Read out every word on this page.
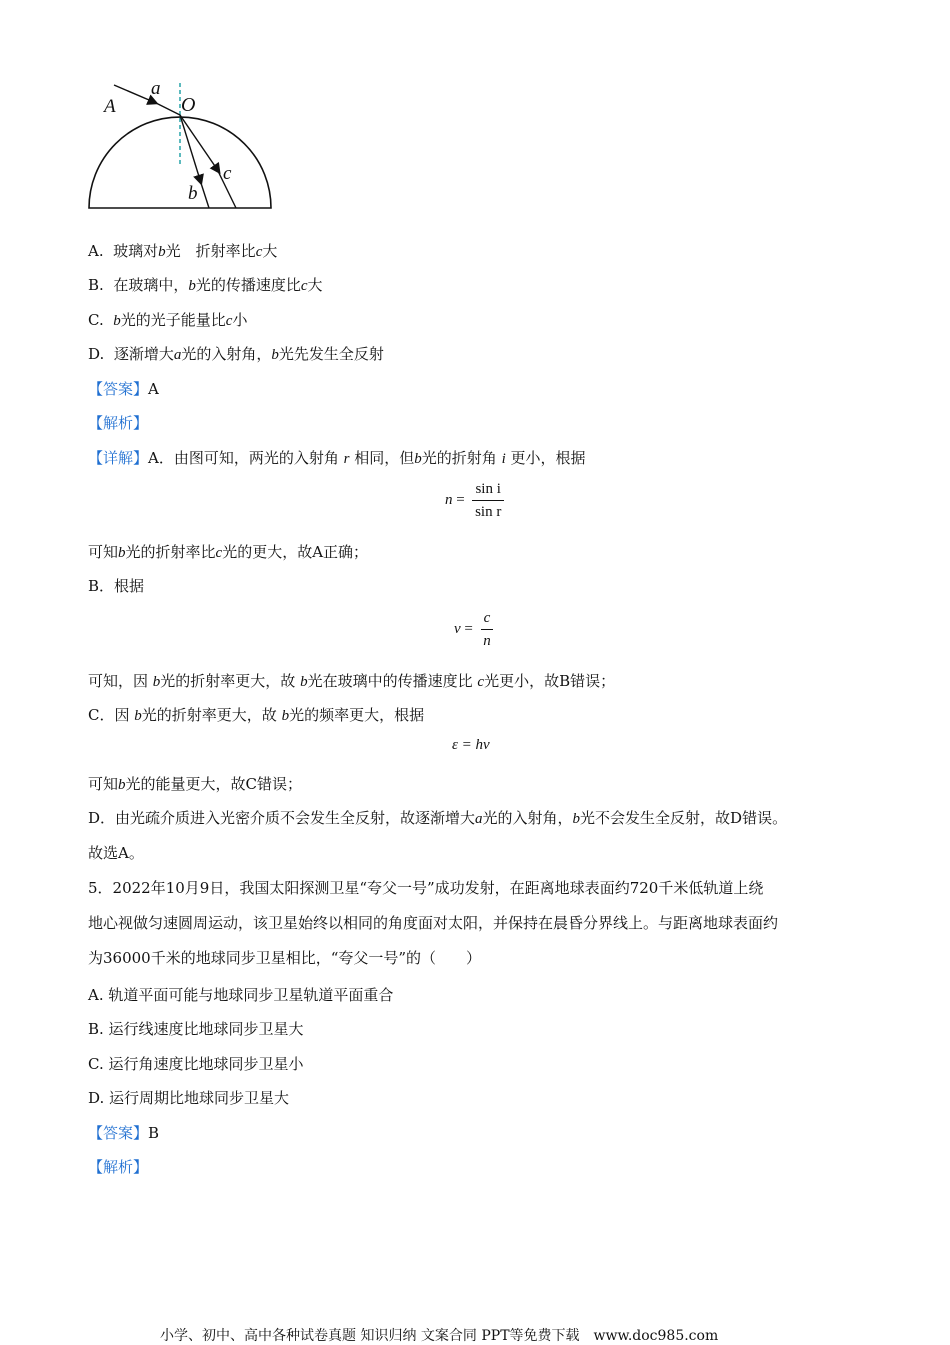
A
a
O
b
c
A. 玻璃对b光　折射率比c大
B. 在玻璃中，b光的传播速度比c大
C. b光的光子能量比c小
D. 逐渐增大a光的入射角，b光先发生全反射
【答案】A
【解析】
【详解】A．由图可知，两光的入射角 r 相同，但b光的折射角 i 更小，根据
$n = \frac{\text{sin i}}{\text{sin r}}$
可知b光的折射率比c光的更大，故A正确；
B．根据
$v = \frac{c}{n}$
可知，因 b光的折射率更大，故 b光在玻璃中的传播速度比 c光更小，故B错误；
C．因 b光的折射率更大，故 b光的频率更大，根据
ε = hν
可知b光的能量更大，故C错误；
D．由光疏介质进入光密介质不会发生全反射，故逐渐增大a光的入射角，b光不会发生全反射，故D错误。
故选A。
5．2022年10月9日，我国太阳探测卫星“夸父一号”成功发射，在距离地球表面约720千米低轨道上绕
地心视做匀速圆周运动，该卫星始终以相同的角度面对太阳，并保持在晨昏分界线上。与距离地球表面约
为36000千米的地球同步卫星相比，“夸父一号”的（　　）
A. 轨道平面可能与地球同步卫星轨道平面重合
B. 运行线速度比地球同步卫星大
C. 运行角速度比地球同步卫星小
D. 运行周期比地球同步卫星大
【答案】B
【解析】
小学、初中、高中各种试卷真题 知识归纳 文案合同 PPT等免费下载 www.doc985.com
